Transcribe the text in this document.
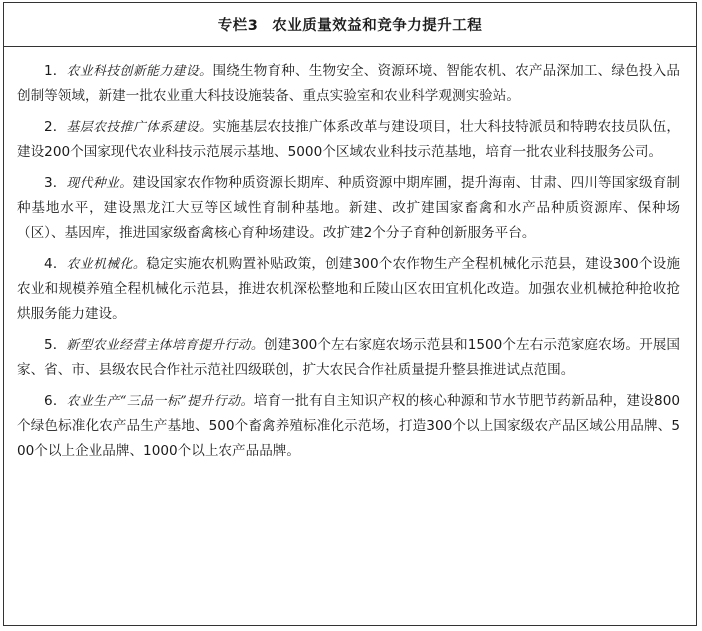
专栏3 农业质量效益和竞争力提升工程

1．农业科技创新能力建设。围绕生物育种、生物安全、资源环境、智能农机、农产品深加工、绿色投入品创制等领域，新建一批农业重大科技设施装备、重点实验室和农业科学观测实验站。

2．基层农技推广体系建设。实施基层农技推广体系改革与建设项目，壮大科技特派员和特聘农技员队伍，建设200个国家现代农业科技示范展示基地、5000个区域农业科技示范基地，培育一批农业科技服务公司。

3．现代种业。建设国家农作物种质资源长期库、种质资源中期库圃，提升海南、甘肃、四川等国家级育制种基地水平，建设黑龙江大豆等区域性育制种基地。新建、改扩建国家畜禽和水产品种质资源库、保种场（区）、基因库，推进国家级畜禽核心育种场建设。改扩建2个分子育种创新服务平台。

4．农业机械化。稳定实施农机购置补贴政策，创建300个农作物生产全程机械化示范县，建设300个设施农业和规模养殖全程机械化示范县，推进农机深松整地和丘陵山区农田宜机化改造。加强农业机械抢种抢收抢烘服务能力建设。

5．新型农业经营主体培育提升行动。创建300个左右家庭农场示范县和1500个左右示范家庭农场。开展国家、省、市、县级农民合作社示范社四级联创，扩大农民合作社质量提升整县推进试点范围。

6．农业生产“三品一标”提升行动。培育一批有自主知识产权的核心种源和节水节肥节药新品种，建设800个绿色标准化农产品生产基地、500个畜禽养殖标准化示范场，打造300个以上国家级农产品区域公用品牌、500个以上企业品牌、1000个以上农产品品牌。
